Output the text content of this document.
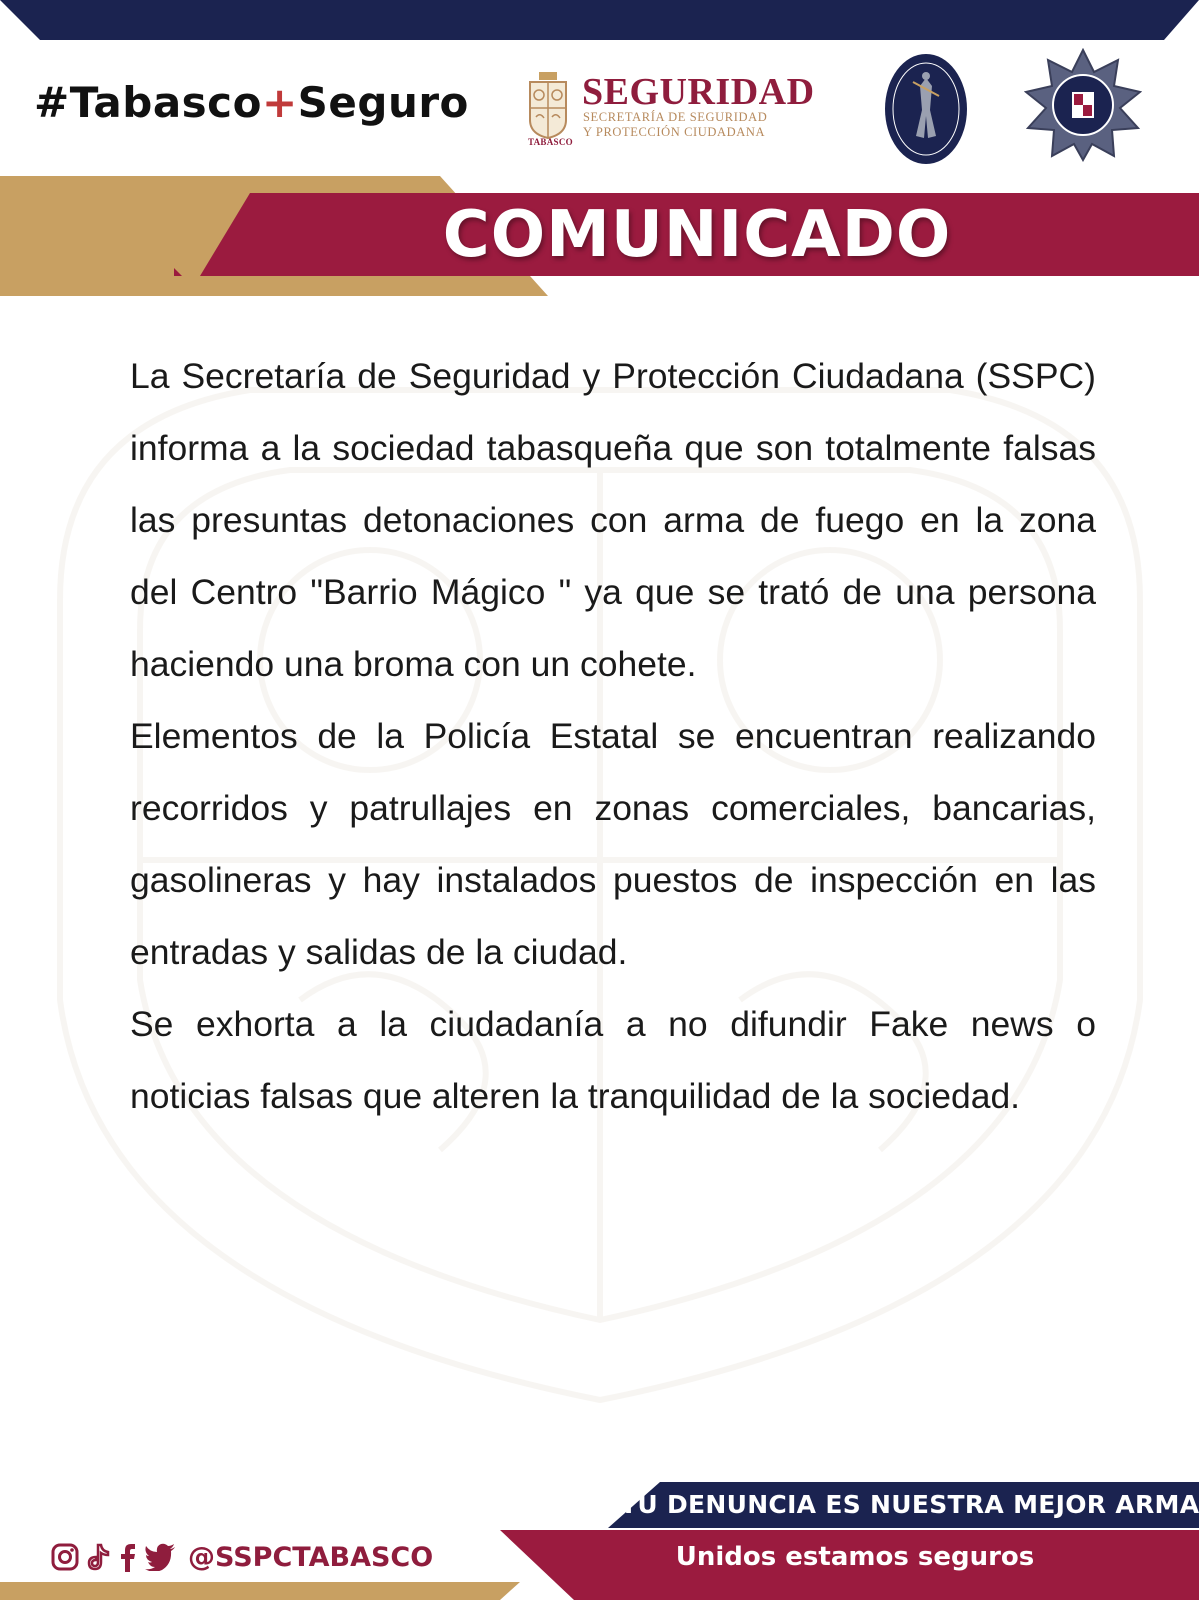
#Tabasco+Seguro
TABASCO
SEGURIDAD
SECRETARÍA DE SEGURIDAD
Y PROTECCIÓN CIUDADANA
COMUNICADO

La Secretaría de Seguridad y Protección Ciudadana (SSPC) informa a la sociedad tabasqueña que son totalmente falsas las presuntas detonaciones con arma de fuego en la zona del Centro "Barrio Mágico " ya que se trató de una persona haciendo una broma con un cohete.

Elementos de la Policía Estatal se encuentran realizando recorridos y patrullajes en zonas comerciales, bancarias, gasolineras y hay instalados puestos de inspección en las entradas y salidas de la ciudad.

Se exhorta a la ciudadanía a no difundir Fake news o noticias falsas que alteren la tranquilidad de la sociedad.

TU DENUNCIA ES NUESTRA MEJOR ARMA
Unidos estamos seguros
@SSPCTABASCO
